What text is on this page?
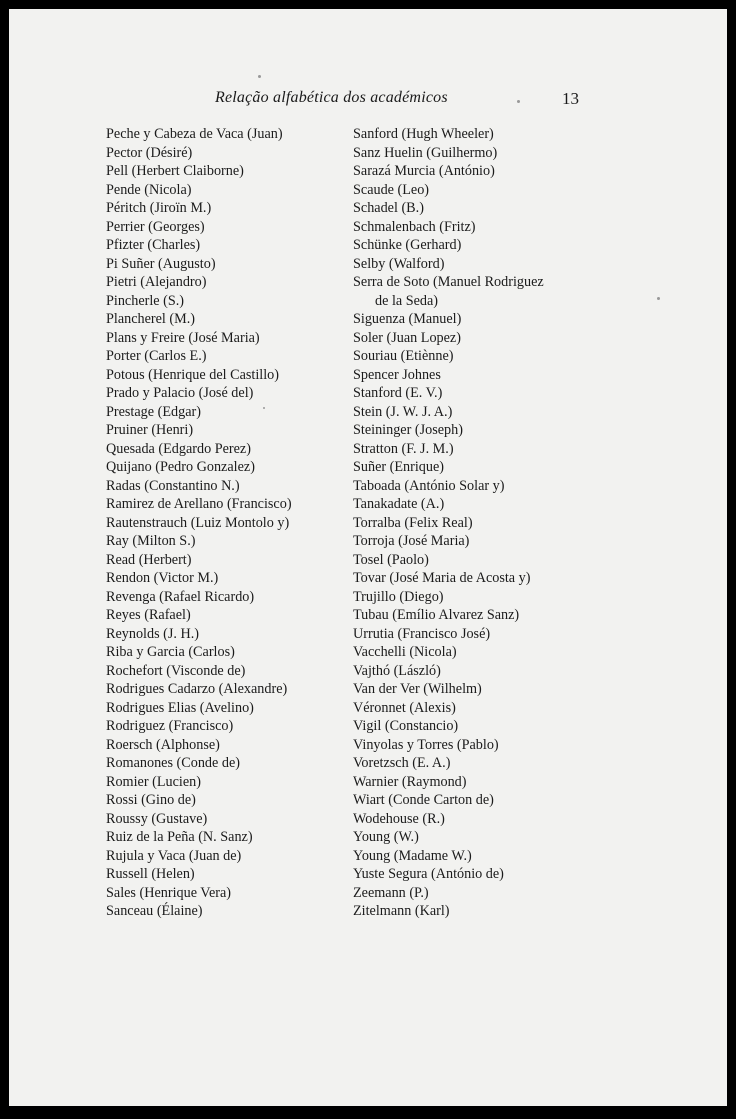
Relação alfabética dos académicos	13
Peche y Cabeza de Vaca (Juan)
Pector (Désiré)
Pell (Herbert Claiborne)
Pende (Nicola)
Péritch (Jiroïn M.)
Perrier (Georges)
Pfizter (Charles)
Pi Suñer (Augusto)
Pietri (Alejandro)
Pincherle (S.)
Plancherel (M.)
Plans y Freire (José Maria)
Porter (Carlos E.)
Potous (Henrique del Castillo)
Prado y Palacio (José del)
Prestage (Edgar)
Pruiner (Henri)
Quesada (Edgardo Perez)
Quijano (Pedro Gonzalez)
Radas (Constantino N.)
Ramirez de Arellano (Francisco)
Rautenstrauch (Luiz Montolo y)
Ray (Milton S.)
Read (Herbert)
Rendon (Victor M.)
Revenga (Rafael Ricardo)
Reyes (Rafael)
Reynolds (J. H.)
Riba y Garcia (Carlos)
Rochefort (Visconde de)
Rodrigues Cadarzo (Alexandre)
Rodrigues Elias (Avelino)
Rodriguez (Francisco)
Roersch (Alphonse)
Romanones (Conde de)
Romier (Lucien)
Rossi (Gino de)
Roussy (Gustave)
Ruiz de la Peña (N. Sanz)
Rujula y Vaca (Juan de)
Russell (Helen)
Sales (Henrique Vera)
Sanceau (Élaine)
Sanford (Hugh Wheeler)
Sanz Huelin (Guilhermo)
Sarazá Murcia (António)
Scaude (Leo)
Schadel (B.)
Schmalenbach (Fritz)
Schünke (Gerhard)
Selby (Walford)
Serra de Soto (Manuel Rodriguez
de la Seda)
Siguenza (Manuel)
Soler (Juan Lopez)
Souriau (Etiènne)
Spencer Johnes
Stanford (E. V.)
Stein (J. W. J. A.)
Steininger (Joseph)
Stratton (F. J. M.)
Suñer (Enrique)
Taboada (António Solar y)
Tanakadate (A.)
Torralba (Felix Real)
Torroja (José Maria)
Tosel (Paolo)
Tovar (José Maria de Acosta y)
Trujillo (Diego)
Tubau (Emílio Alvarez Sanz)
Urrutia (Francisco José)
Vacchelli (Nicola)
Vajthó (László)
Van der Ver (Wilhelm)
Véronnet (Alexis)
Vigil (Constancio)
Vinyolas y Torres (Pablo)
Voretzsch (E. A.)
Warnier (Raymond)
Wiart (Conde Carton de)
Wodehouse (R.)
Young (W.)
Young (Madame W.)
Yuste Segura (António de)
Zeemann (P.)
Zitelmann (Karl)
